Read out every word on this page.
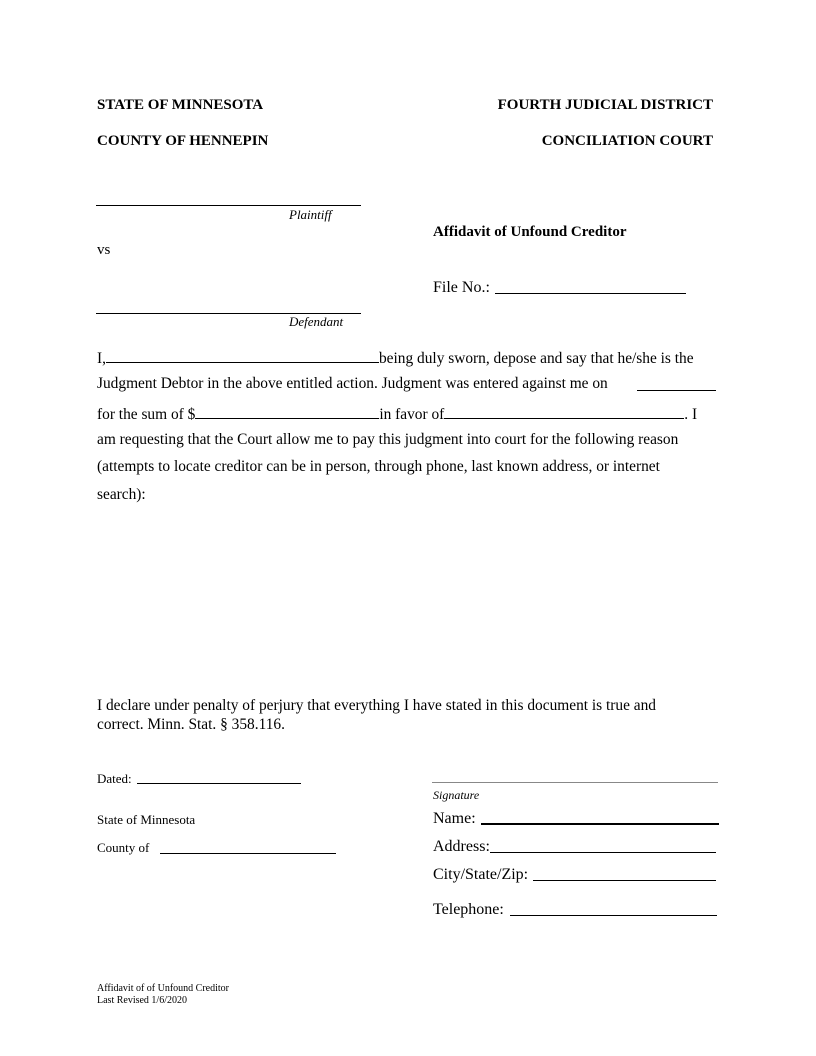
STATE OF MINNESOTA	FOURTH JUDICIAL DISTRICT
COUNTY OF HENNEPIN	CONCILIATION COURT
Plaintiff
vs
Defendant
Affidavit of Unfound Creditor
File No.:
I,	being duly sworn, depose and say that he/she is the
Judgment Debtor in the above entitled action. Judgment was entered against me on
for the sum of $	in favor of	. I
am requesting that the Court allow me to pay this judgment into court for the following reason
(attempts to locate creditor can be in person, through phone, last known address, or internet
search):
I declare under penalty of perjury that everything I have stated in this document is true and
correct. Minn. Stat. § 358.116.
Dated:
State of Minnesota
County of
Signature
Name:
Address:
City/State/Zip:
Telephone:
Affidavit of of Unfound Creditor
Last Revised 1/6/2020
